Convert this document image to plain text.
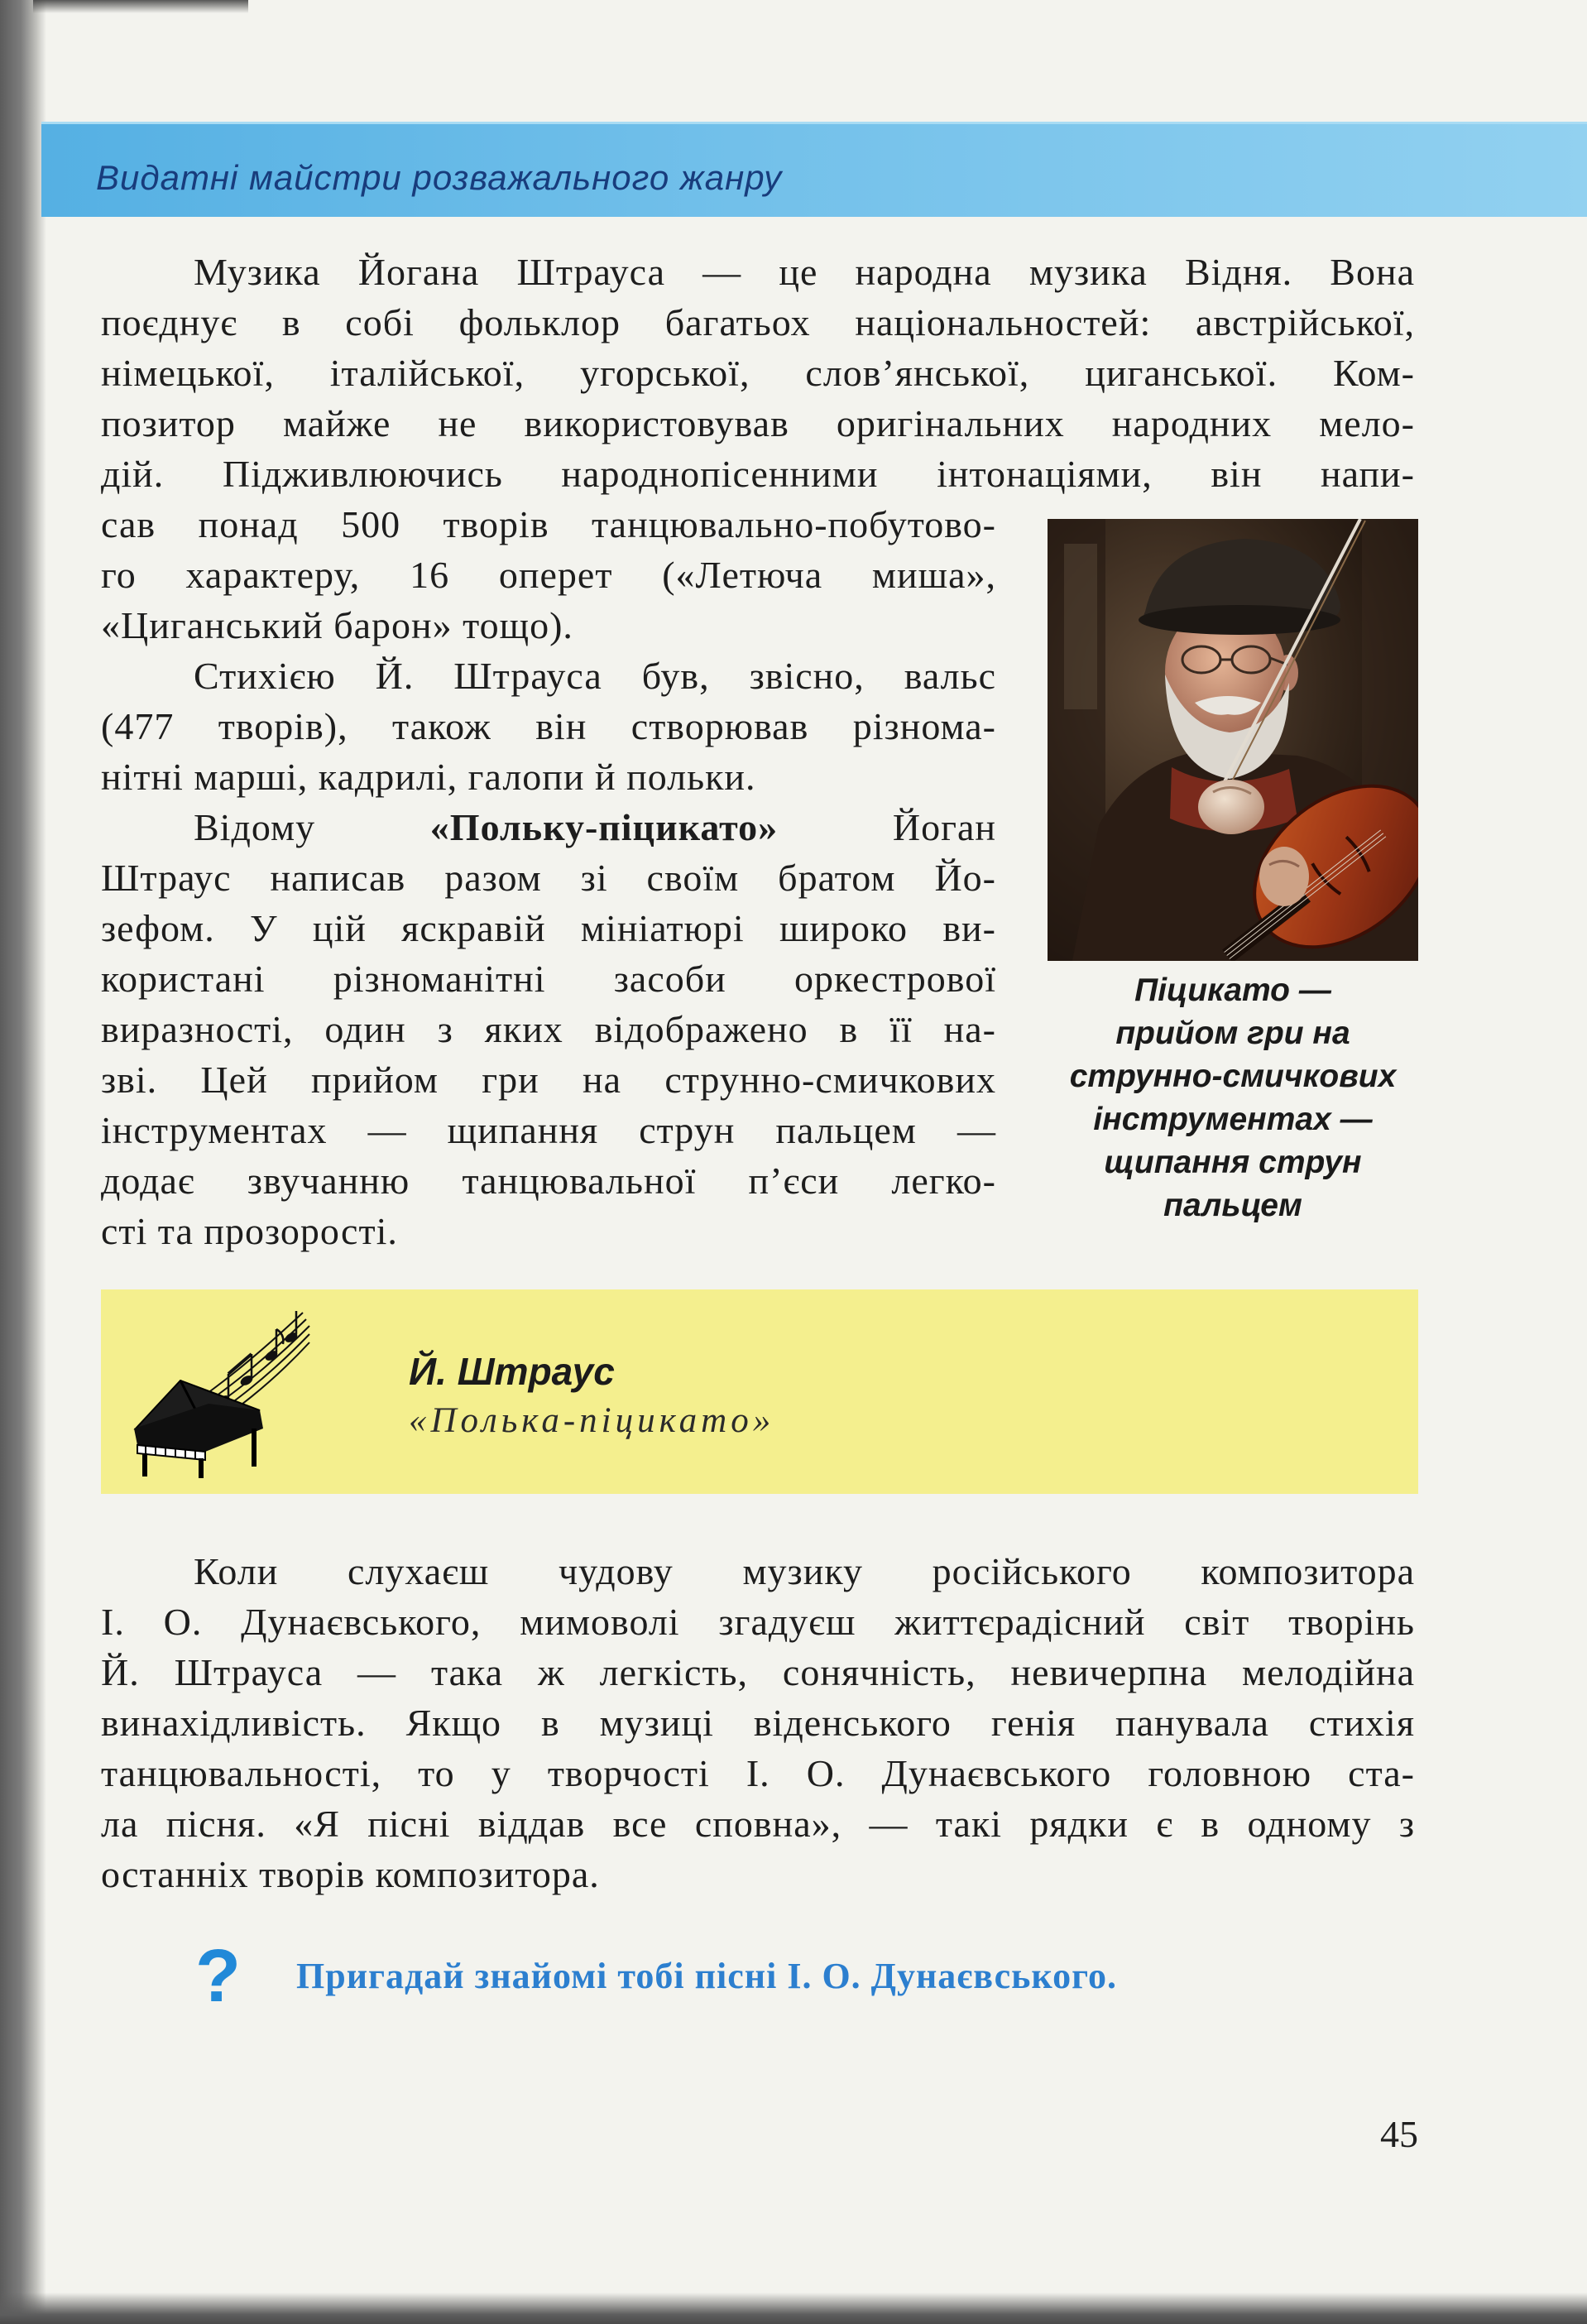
Видатні майстри розважального жанру
Музика Йогана Штрауса — це народна музика Відня. Вона
поєднує в собі фольклор багатьох національностей: австрійської,
німецької, італійської, угорської, слов’янської, циганської. Ком-
позитор майже не використовував оригінальних народних мело-
дій. Підживлюючись народнопісенними інтонаціями, він напи-
сав понад 500 творів танцювально-побутово-
го характеру, 16 оперет («Летюча миша»,
«Циганський барон» тощо).
Стихією Й. Штрауса був, звісно, вальс
(477 творів), також він створював різнома-
нітні марші, кадрилі, галопи й польки.
Відому	«Польку-піцикато»	Йоган
Штраус написав разом зі своїм братом Йо-
зефом. У цій яскравій мініатюрі широко ви-
користані різноманітні засоби оркестрової
виразності, один з яких відображено в її на-
зві. Цей прийом гри на струнно-смичкових
інструментах — щипання струн пальцем —
додає звучанню танцювальної п’єси легко-
сті та прозорості.
Піцикато —
прийом гри на
струнно-смичкових
інструментах —
щипання струн
пальцем
Й. Штраус
«Полька-піцикато»
Коли слухаєш чудову музику російського композитора
І. О. Дунаєвського, мимоволі згадуєш життєрадісний світ творінь
Й. Штрауса — така ж легкість, сонячність, невичерпна мелодійна
винахідливість. Якщо в музиці віденського генія панувала стихія
танцювальності, то у творчості І. О. Дунаєвського головною ста-
ла пісня. «Я пісні віддав все сповна», — такі рядки є в одному з
останніх творів композитора.
? Пригадай знайомі тобі пісні І. О. Дунаєвського.
45
